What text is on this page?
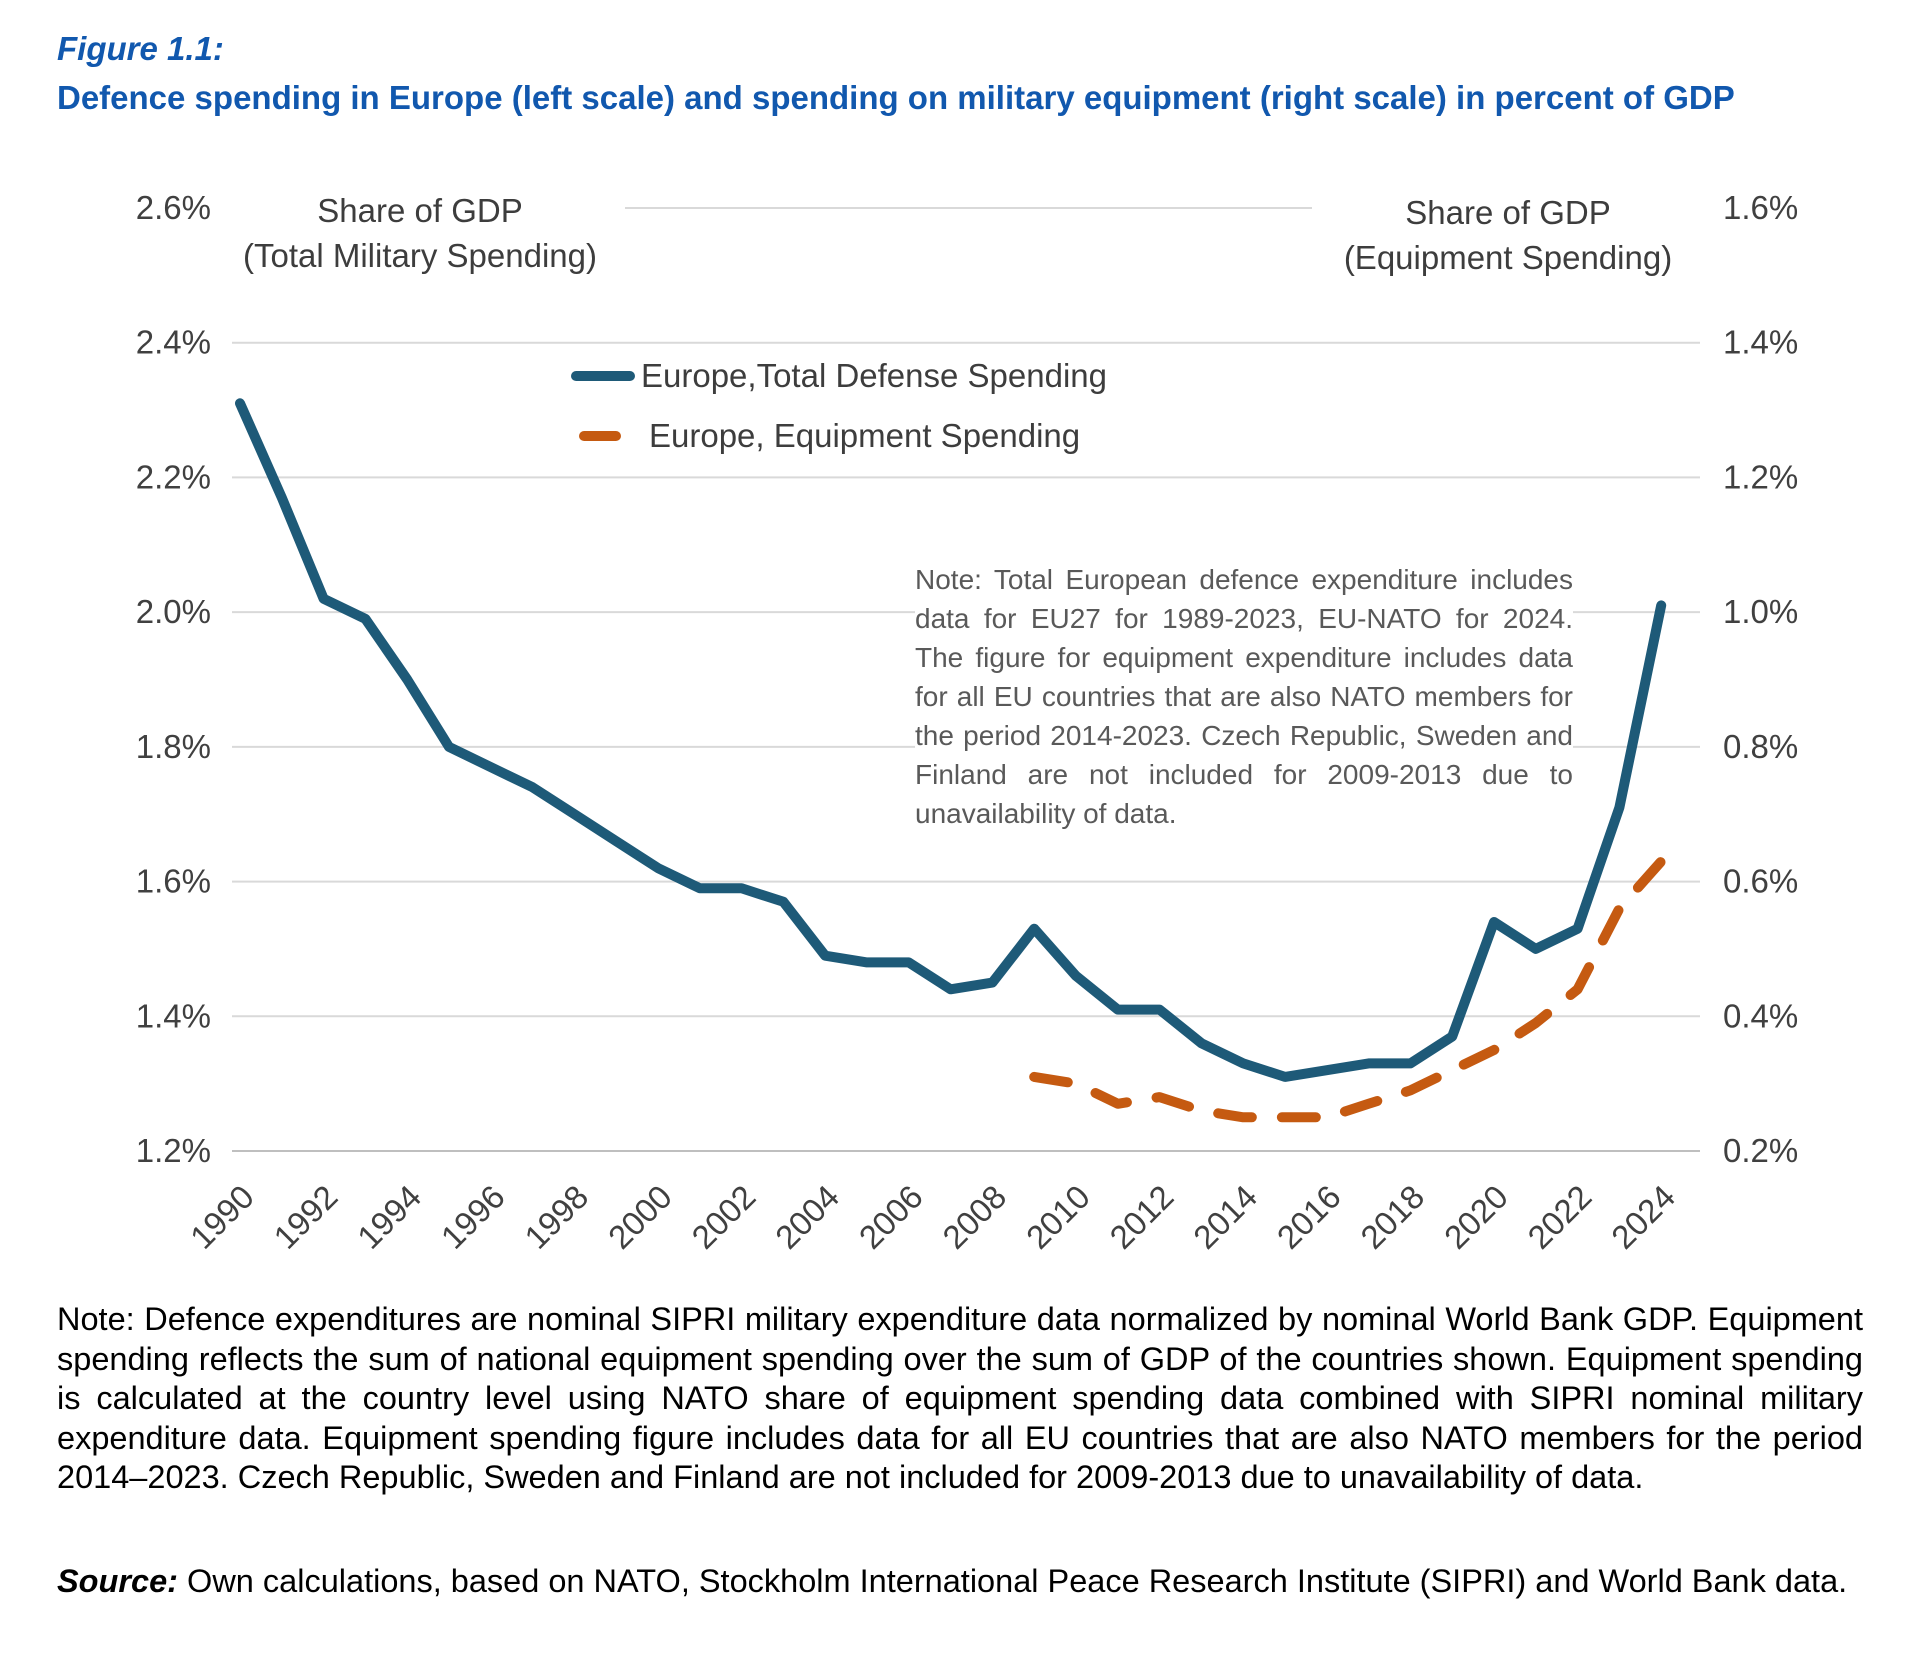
Figure 1.1:
Defence spending in Europe (left scale) and spending on military equipment (right scale) in percent of GDP
2.6%	1.6%
2.4%	1.4%
2.2%	1.2%
2.0%	1.0%
1.8%	0.8%
1.6%	0.6%
1.4%	0.4%
1.2%	0.2%
1990 1992 1994 1996 1998 2000 2002 2004 2006 2008 2010 2012 2014 2016 2018 2020 2022 2024
Share of GDP
(Total Military Spending)
Share of GDP
(Equipment Spending)
Europe,Total Defense Spending
Europe, Equipment Spending
Note: Total European defence expenditure includes data for EU27 for 1989-2023, EU-NATO for 2024. The figure for equipment expenditure includes data for all EU countries that are also NATO members for the period 2014-2023. Czech Republic, Sweden and Finland are not included for 2009-2013 due to unavailability of data.
Note: Defence expenditures are nominal SIPRI military expenditure data normalized by nominal World Bank GDP. Equipment spending reflects the sum of national equipment spending over the sum of GDP of the countries shown. Equipment spending is calculated at the country level using NATO share of equipment spending data combined with SIPRI nominal military expenditure data. Equipment spending figure includes data for all EU countries that are also NATO members for the period 2014–2023. Czech Republic, Sweden and Finland are not included for 2009-2013 due to unavailability of data.
Source: Own calculations, based on NATO, Stockholm International Peace Research Institute (SIPRI) and World Bank data.
